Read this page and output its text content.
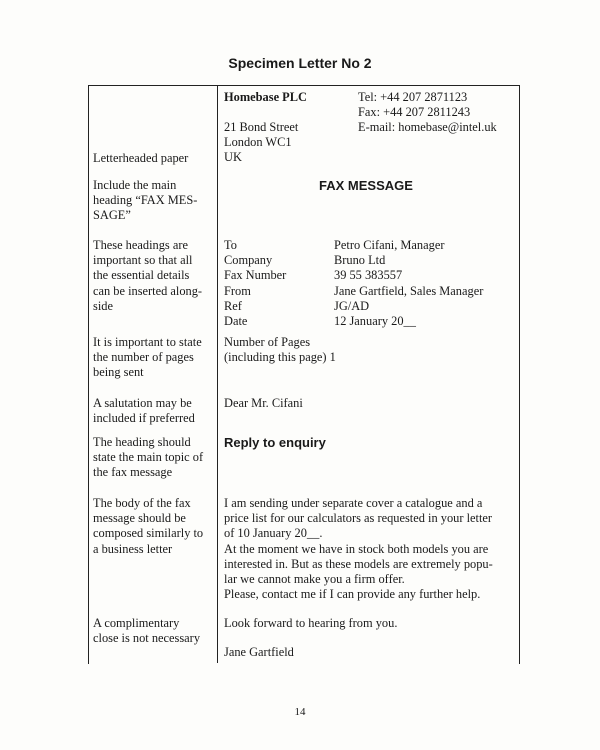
Specimen Letter No 2
Letterheaded paper
Include the main
heading “FAX MES-
SAGE”
These headings are
important so that all
the essential details
can be inserted along-
side
It is important to state
the number of pages
being sent
A salutation may be
included if preferred
The heading should
state the main topic of
the fax message
The body of the fax
message should be
composed similarly to
a business letter
A complimentary
close is not necessary
Homebase PLC
21 Bond Street
London WC1
UK
Tel: +44 207 2871123
Fax: +44 207 2811243
E-mail: homebase@intel.uk
FAX MESSAGE
To
Company
Fax Number
From
Ref
Date
Petro Cifani, Manager
Bruno Ltd
39 55 383557
Jane Gartfield, Sales Manager
JG/AD
12 January 20__
Number of Pages
(including this page) 1
Dear Mr. Cifani
Reply to enquiry
I am sending under separate cover a catalogue and a
price list for our calculators as requested in your letter
of 10 January 20__.
At the moment we have in stock both models you are
interested in. But as these models are extremely popu-
lar we cannot make you a firm offer.
Please, contact me if I can provide any further help.
Look forward to hearing from you.
Jane Gartfield
14
